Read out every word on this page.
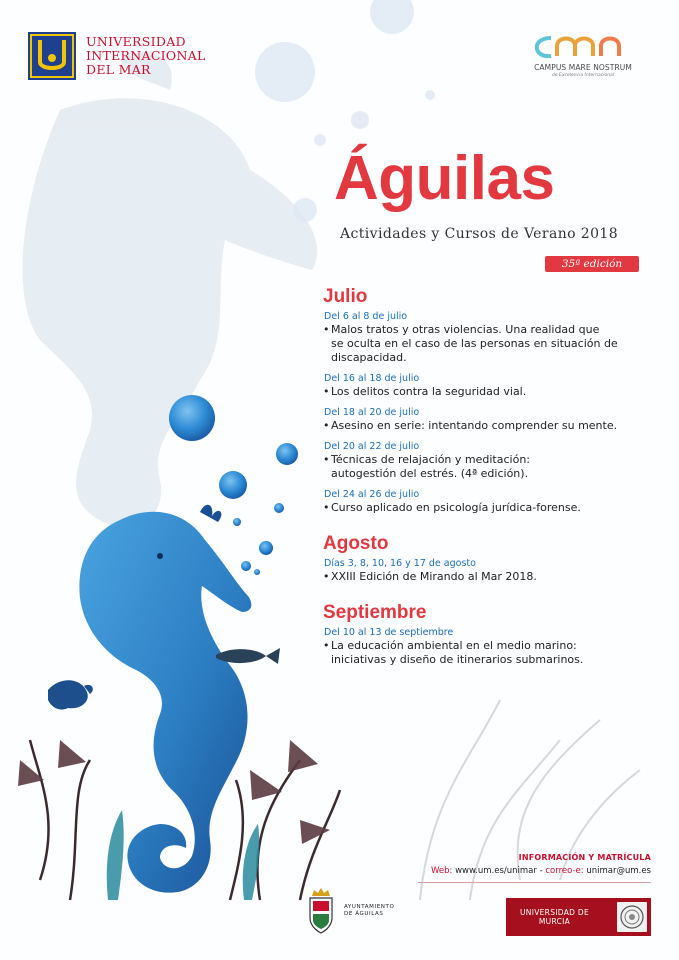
UNIVERSIDAD
INTERNACIONAL
DEL MAR	CAMPUS MARE NOSTRUM
de Excelencia Internacional
Águilas
Actividades y Cursos de Verano 2018
35ª edición
Julio
Del 6 al 8 de julio
• Malos tratos y otras violencias. Una realidad que
se oculta en el caso de las personas en situación de
discapacidad.
Del 16 al 18 de julio
• Los delitos contra la seguridad vial.
Del 18 al 20 de julio
• Asesino en serie: intentando comprender su mente.
Del 20 al 22 de julio
• Técnicas de relajación y meditación:
autogestión del estrés. (4ª edición).
Del 24 al 26 de julio
• Curso aplicado en psicología jurídica-forense.
Agosto
Días 3, 8, 10, 16 y 17 de agosto
• XXIII Edición de Mirando al Mar 2018.
Septiembre
Del 10 al 13 de septiembre
• La educación ambiental en el medio marino:
iniciativas y diseño de itinerarios submarinos.
INFORMACIÓN Y MATRÍCULA
Web: www.um.es/unimar - correo-e: unimar@um.es
AYUNTAMIENTO
DE ÁGUILAS	UNIVERSIDAD DE
MURCIA
